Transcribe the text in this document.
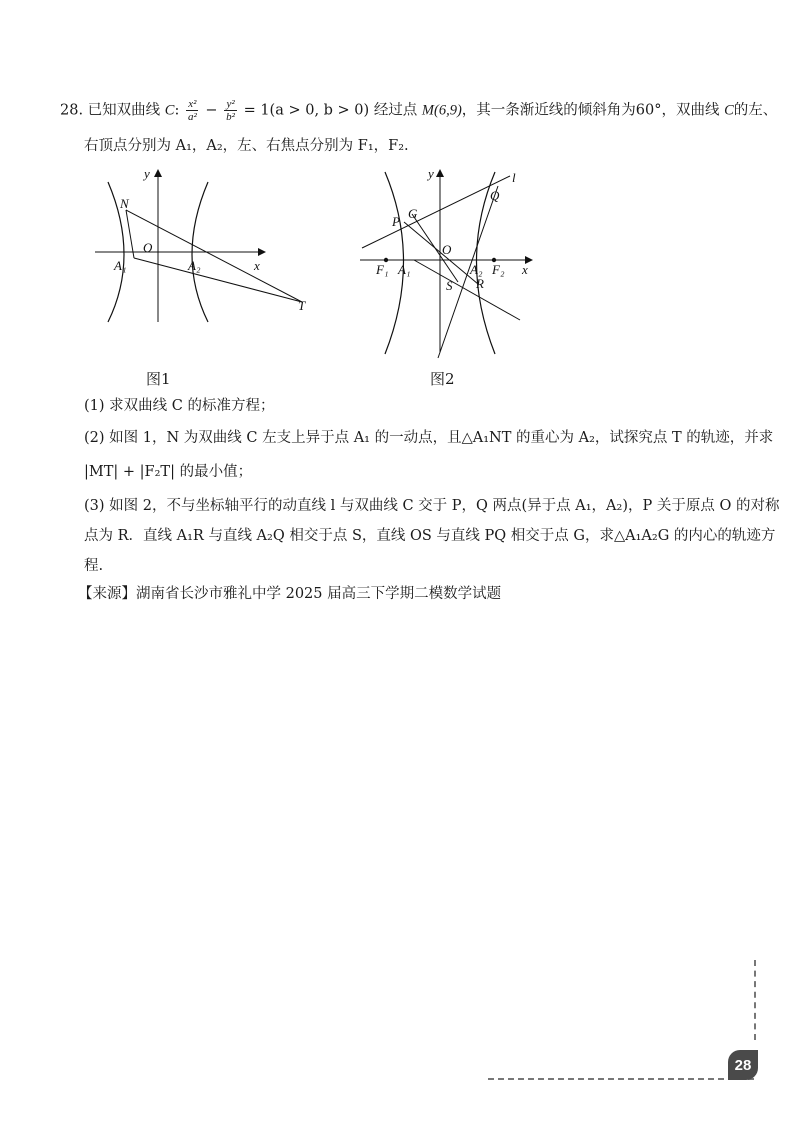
28. 已知双曲线 C: $\frac{\text{x²}}{\text{a²}} - \frac{\text{y²}}{\text{b²}} = 1(a > 0$, b > 0) 经过点 M(6,9)，其一条渐近线的倾斜角为60°，双曲线 C的左、
右顶点分别为 A₁，A₂，左、右焦点分别为 F₁，F₂.
y
x
O
N
A₁	A₂
T
y
x
O
l
Q
P
G
F₁ A₁	A₂ F₂
S R
图1	图2
(1) 求双曲线 C 的标准方程；
(2) 如图 1，N 为双曲线 C 左支上异于点 A₁ 的一动点，且△A₁NT 的重心为 A₂，试探究点 T 的轨迹，并求
|MT| + |F₂T| 的最小值；
(3) 如图 2，不与坐标轴平行的动直线 l 与双曲线 C 交于 P，Q 两点(异于点 A₁，A₂)，P 关于原点 O 的对称
点为 R．直线 A₁R 与直线 A₂Q 相交于点 S，直线 OS 与直线 PQ 相交于点 G，求△A₁A₂G 的内心的轨迹方
程.
【来源】湖南省长沙市雅礼中学 2025 届高三下学期二模数学试题
28
